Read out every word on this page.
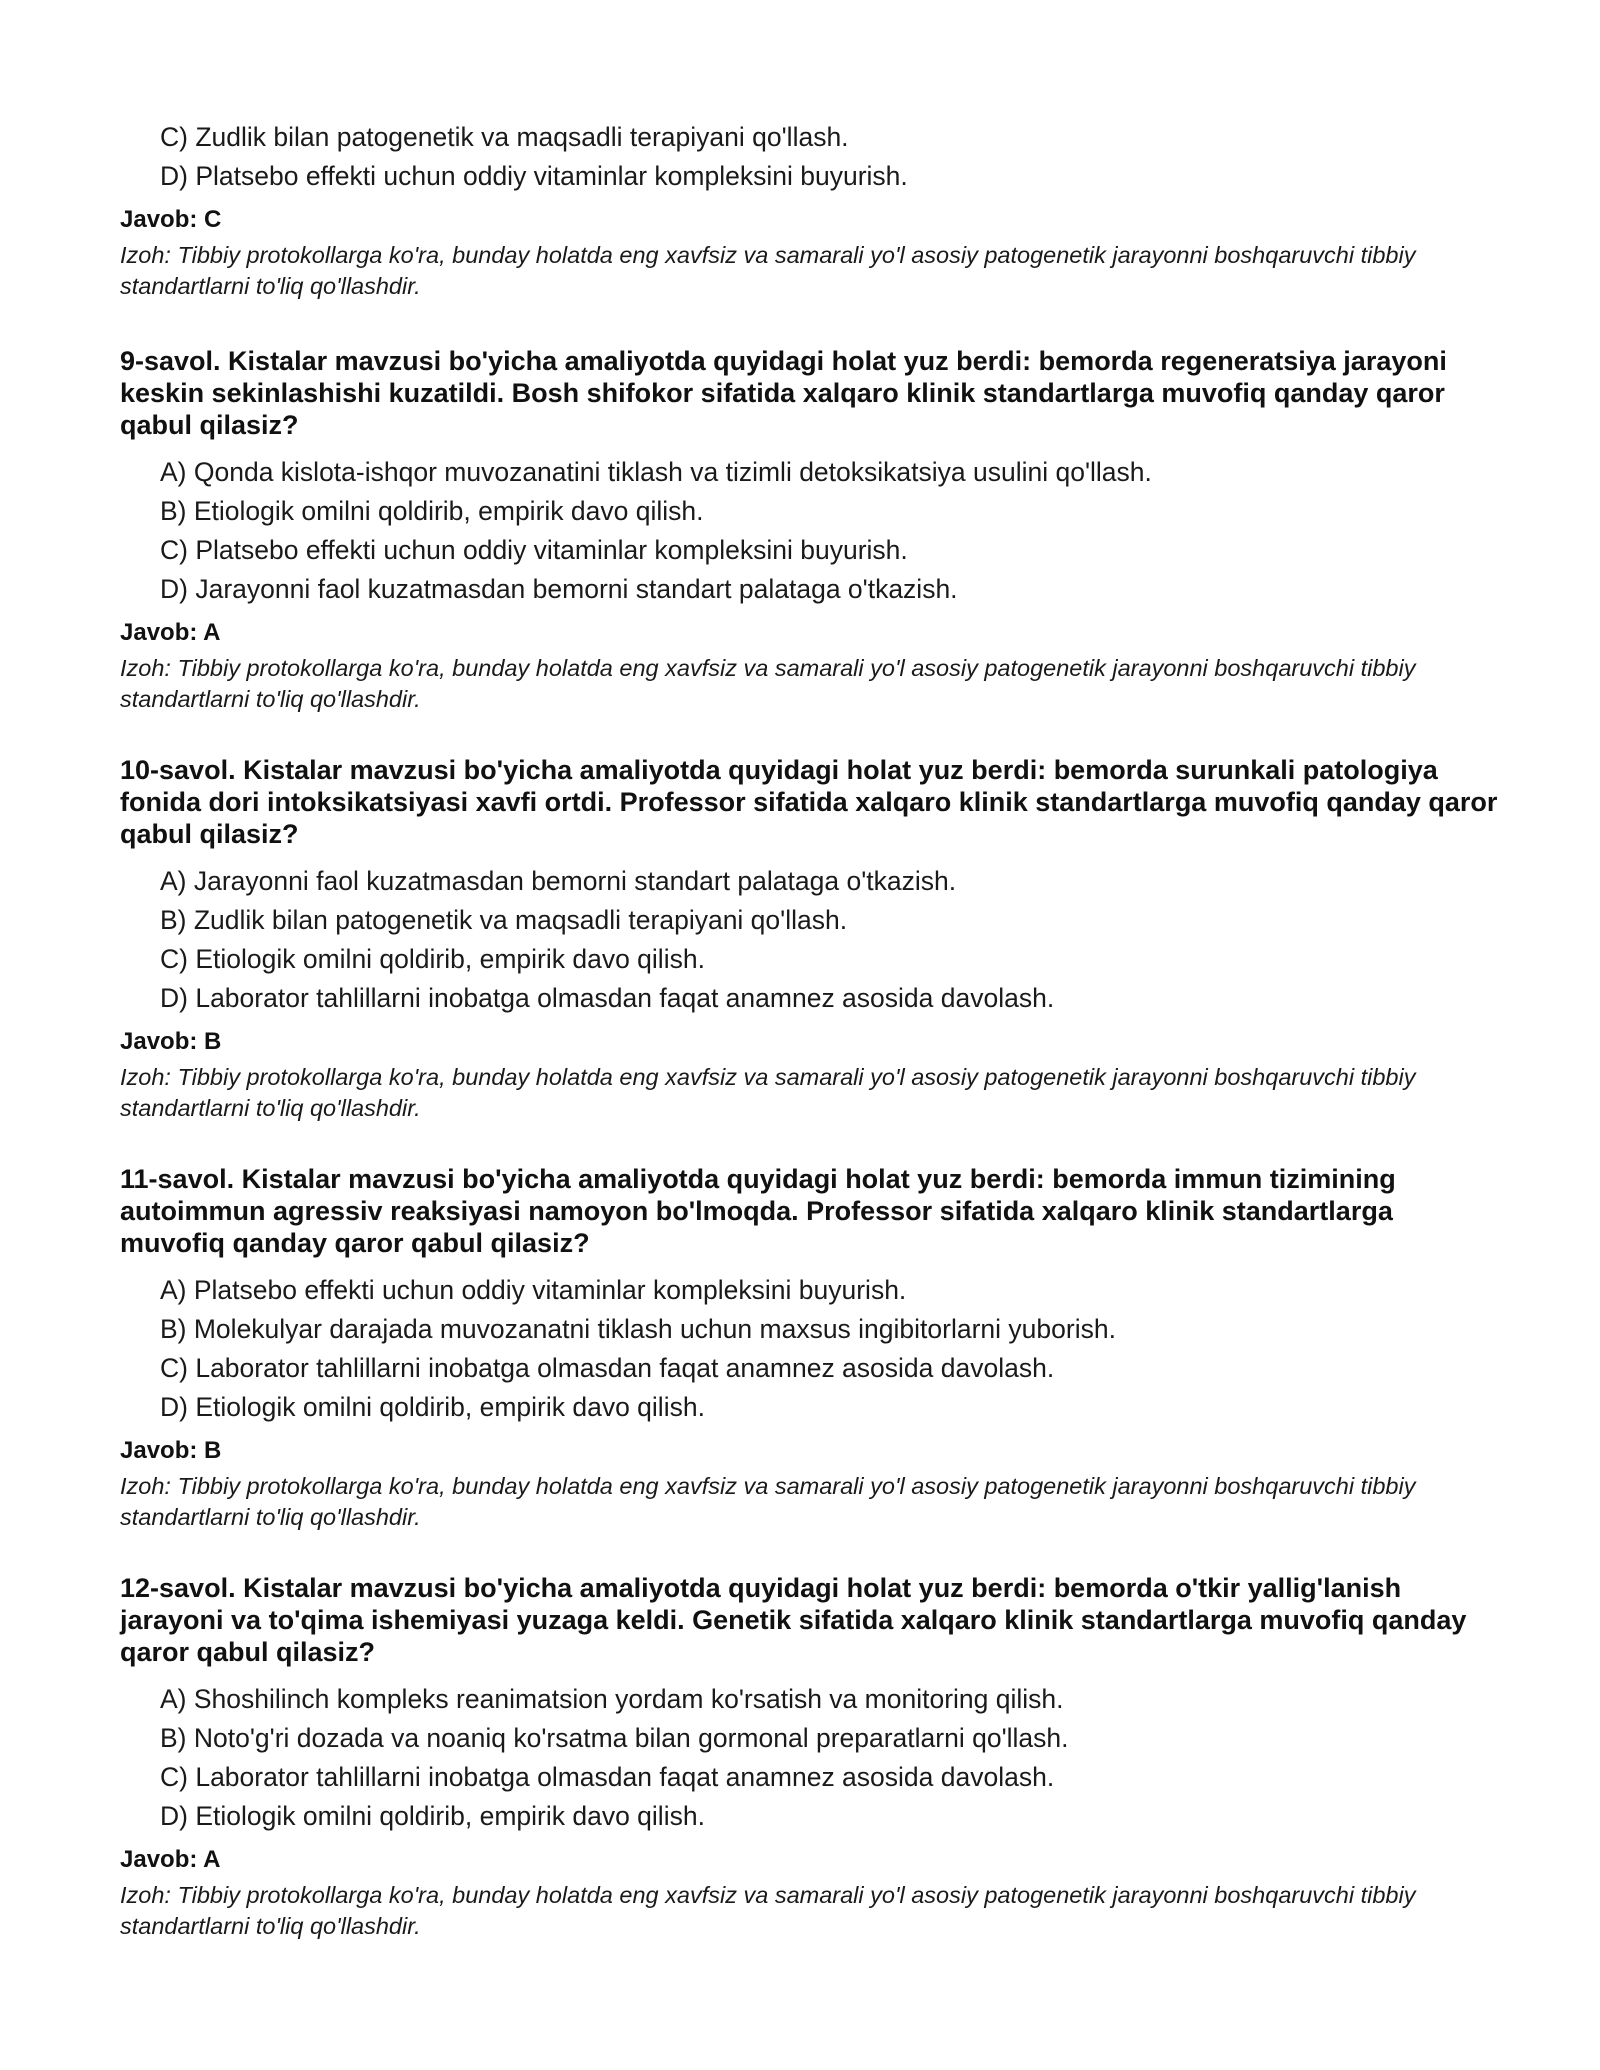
C) Zudlik bilan patogenetik va maqsadli terapiyani qo'llash.
D) Platsebo effekti uchun oddiy vitaminlar kompleksini buyurish.

Javob: C

Izoh: Tibbiy protokollarga ko'ra, bunday holatda eng xavfsiz va samarali yo'l asosiy patogenetik jarayonni boshqaruvchi tibbiy standartlarni to'liq qo'llashdir.

9-savol. Kistalar mavzusi bo'yicha amaliyotda quyidagi holat yuz berdi: bemorda regeneratsiya jarayoni keskin sekinlashishi kuzatildi. Bosh shifokor sifatida xalqaro klinik standartlarga muvofiq qanday qaror qabul qilasiz?

A) Qonda kislota-ishqor muvozanatini tiklash va tizimli detoksikatsiya usulini qo'llash.
B) Etiologik omilni qoldirib, empirik davo qilish.
C) Platsebo effekti uchun oddiy vitaminlar kompleksini buyurish.
D) Jarayonni faol kuzatmasdan bemorni standart palataga o'tkazish.

Javob: A

Izoh: Tibbiy protokollarga ko'ra, bunday holatda eng xavfsiz va samarali yo'l asosiy patogenetik jarayonni boshqaruvchi tibbiy standartlarni to'liq qo'llashdir.

10-savol. Kistalar mavzusi bo'yicha amaliyotda quyidagi holat yuz berdi: bemorda surunkali patologiya fonida dori intoksikatsiyasi xavfi ortdi. Professor sifatida xalqaro klinik standartlarga muvofiq qanday qaror qabul qilasiz?

A) Jarayonni faol kuzatmasdan bemorni standart palataga o'tkazish.
B) Zudlik bilan patogenetik va maqsadli terapiyani qo'llash.
C) Etiologik omilni qoldirib, empirik davo qilish.
D) Laborator tahlillarni inobatga olmasdan faqat anamnez asosida davolash.

Javob: B

Izoh: Tibbiy protokollarga ko'ra, bunday holatda eng xavfsiz va samarali yo'l asosiy patogenetik jarayonni boshqaruvchi tibbiy standartlarni to'liq qo'llashdir.

11-savol. Kistalar mavzusi bo'yicha amaliyotda quyidagi holat yuz berdi: bemorda immun tizimining autoimmun agressiv reaksiyasi namoyon bo'lmoqda. Professor sifatida xalqaro klinik standartlarga muvofiq qanday qaror qabul qilasiz?

A) Platsebo effekti uchun oddiy vitaminlar kompleksini buyurish.
B) Molekulyar darajada muvozanatni tiklash uchun maxsus ingibitorlarni yuborish.
C) Laborator tahlillarni inobatga olmasdan faqat anamnez asosida davolash.
D) Etiologik omilni qoldirib, empirik davo qilish.

Javob: B

Izoh: Tibbiy protokollarga ko'ra, bunday holatda eng xavfsiz va samarali yo'l asosiy patogenetik jarayonni boshqaruvchi tibbiy standartlarni to'liq qo'llashdir.

12-savol. Kistalar mavzusi bo'yicha amaliyotda quyidagi holat yuz berdi: bemorda o'tkir yallig'lanish jarayoni va to'qima ishemiyasi yuzaga keldi. Genetik sifatida xalqaro klinik standartlarga muvofiq qanday qaror qabul qilasiz?

A) Shoshilinch kompleks reanimatsion yordam ko'rsatish va monitoring qilish.
B) Noto'g'ri dozada va noaniq ko'rsatma bilan gormonal preparatlarni qo'llash.
C) Laborator tahlillarni inobatga olmasdan faqat anamnez asosida davolash.
D) Etiologik omilni qoldirib, empirik davo qilish.

Javob: A

Izoh: Tibbiy protokollarga ko'ra, bunday holatda eng xavfsiz va samarali yo'l asosiy patogenetik jarayonni boshqaruvchi tibbiy standartlarni to'liq qo'llashdir.
